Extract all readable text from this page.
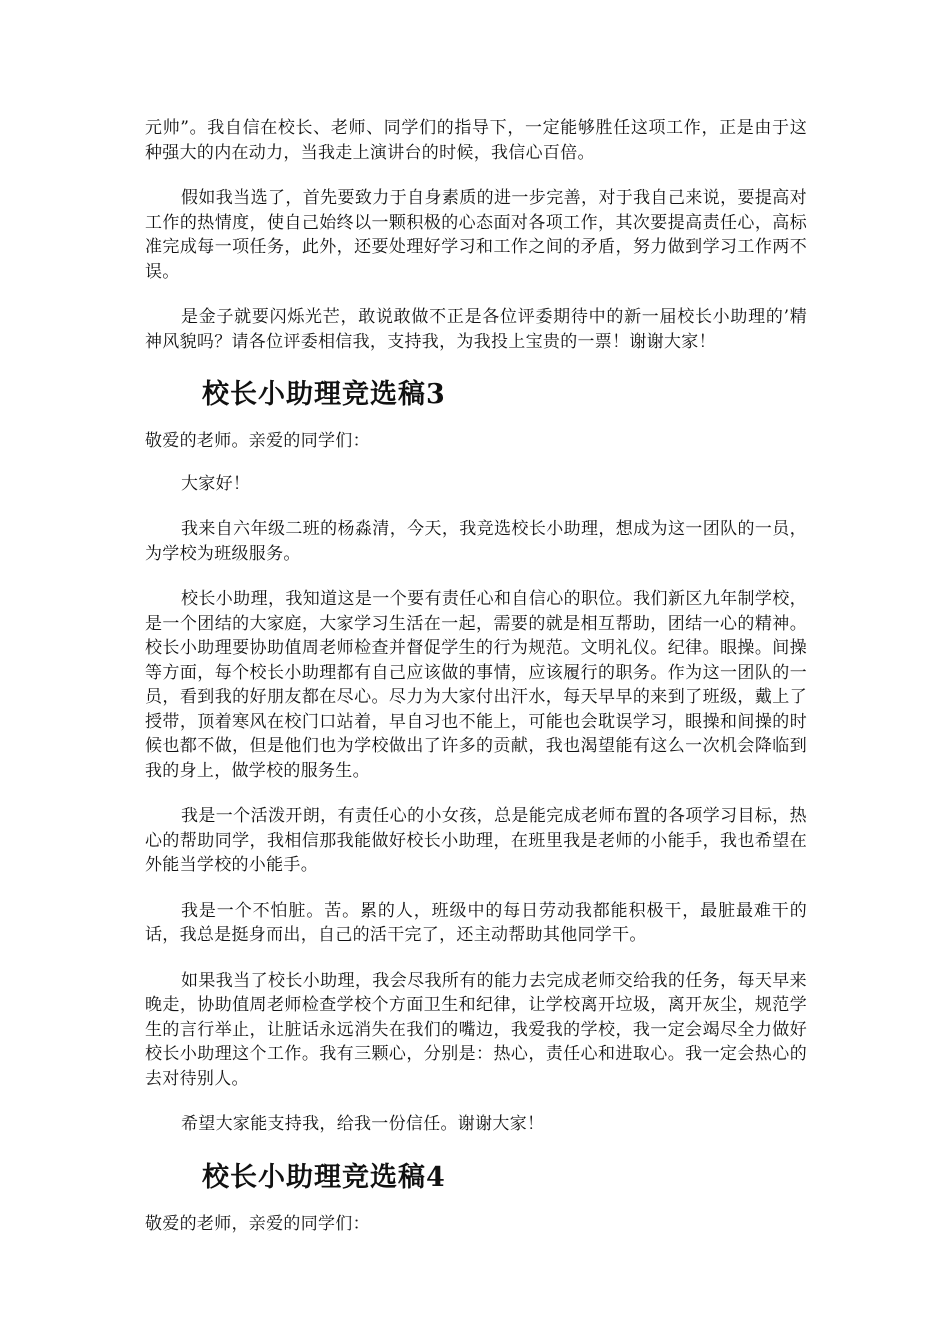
元帅”。我自信在校长、老师、同学们的指导下，一定能够胜任这项工作，正是由于这种强大的内在动力，当我走上演讲台的时候，我信心百倍。

假如我当选了，首先要致力于自身素质的进一步完善，对于我自己来说，要提高对工作的热情度，使自己始终以一颗积极的心态面对各项工作，其次要提高责任心，高标准完成每一项任务，此外，还要处理好学习和工作之间的矛盾，努力做到学习工作两不误。

是金子就要闪烁光芒，敢说敢做不正是各位评委期待中的新一届校长小助理的’精神风貌吗？请各位评委相信我，支持我，为我投上宝贵的一票！谢谢大家！

校长小助理竞选稿3

敬爱的老师。亲爱的同学们：

大家好！

我来自六年级二班的杨淼清，今天，我竞选校长小助理，想成为这一团队的一员，为学校为班级服务。

校长小助理，我知道这是一个要有责任心和自信心的职位。我们新区九年制学校，是一个团结的大家庭，大家学习生活在一起，需要的就是相互帮助，团结一心的精神。校长小助理要协助值周老师检查并督促学生的行为规范。文明礼仪。纪律。眼操。间操等方面，每个校长小助理都有自己应该做的事情，应该履行的职务。作为这一团队的一员，看到我的好朋友都在尽心。尽力为大家付出汗水，每天早早的来到了班级，戴上了授带，顶着寒风在校门口站着，早自习也不能上，可能也会耽误学习，眼操和间操的时候也都不做，但是他们也为学校做出了许多的贡献，我也渴望能有这么一次机会降临到我的身上，做学校的服务生。

我是一个活泼开朗，有责任心的小女孩，总是能完成老师布置的各项学习目标，热心的帮助同学，我相信那我能做好校长小助理，在班里我是老师的小能手，我也希望在外能当学校的小能手。

我是一个不怕脏。苦。累的人，班级中的每日劳动我都能积极干，最脏最难干的话，我总是挺身而出，自己的活干完了，还主动帮助其他同学干。

如果我当了校长小助理，我会尽我所有的能力去完成老师交给我的任务，每天早来晚走，协助值周老师检查学校个方面卫生和纪律，让学校离开垃圾，离开灰尘，规范学生的言行举止，让脏话永远消失在我们的嘴边，我爱我的学校，我一定会竭尽全力做好校长小助理这个工作。我有三颗心，分别是：热心，责任心和进取心。我一定会热心的去对待别人。

希望大家能支持我，给我一份信任。谢谢大家！

校长小助理竞选稿4

敬爱的老师，亲爱的同学们：
